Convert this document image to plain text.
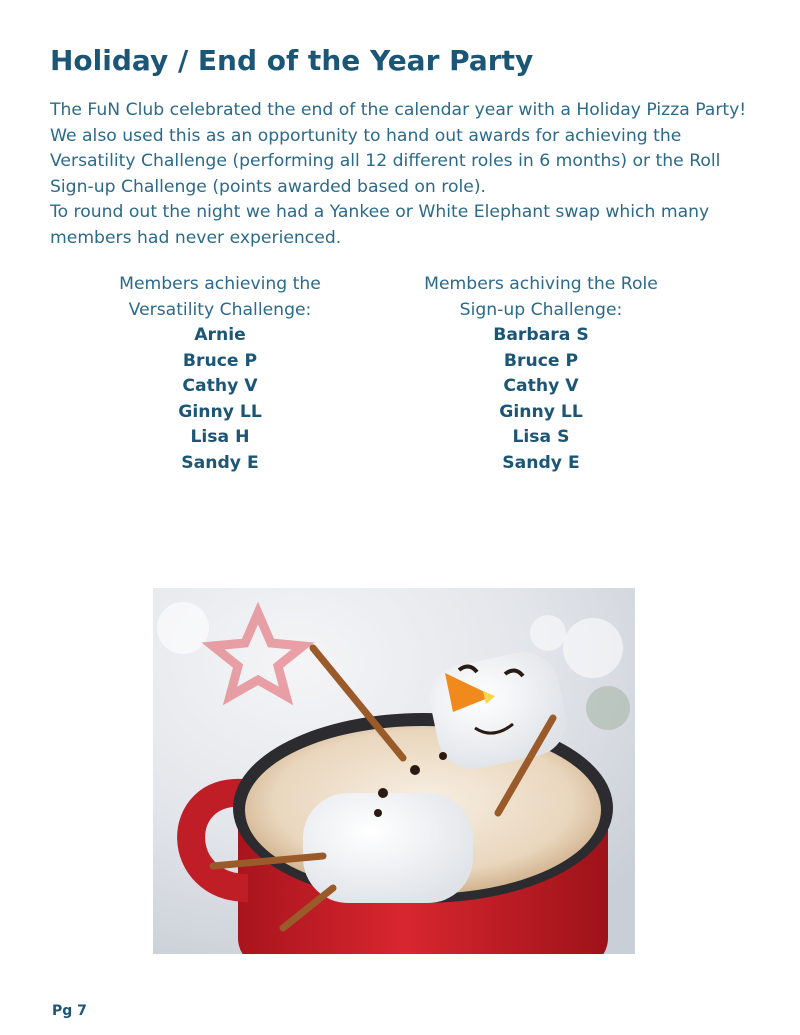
Holiday / End of the Year Party

The FuN Club celebrated the end of the calendar year with a Holiday Pizza Party! We also used this as an opportunity to hand out awards for achieving the Versatility Challenge (performing all 12 different roles in 6 months) or the Roll Sign-up Challenge (points awarded based on role).

To round out the night we had a Yankee or White Elephant swap which many members had never experienced.

Members achieving the
Versatility Challenge:

Arnie
Bruce P
Cathy V
Ginny LL
Lisa H
Sandy E

Members achiving the Role
Sign-up Challenge:

Barbara S
Bruce P
Cathy V
Ginny LL
Lisa S
Sandy E
Pg 7
